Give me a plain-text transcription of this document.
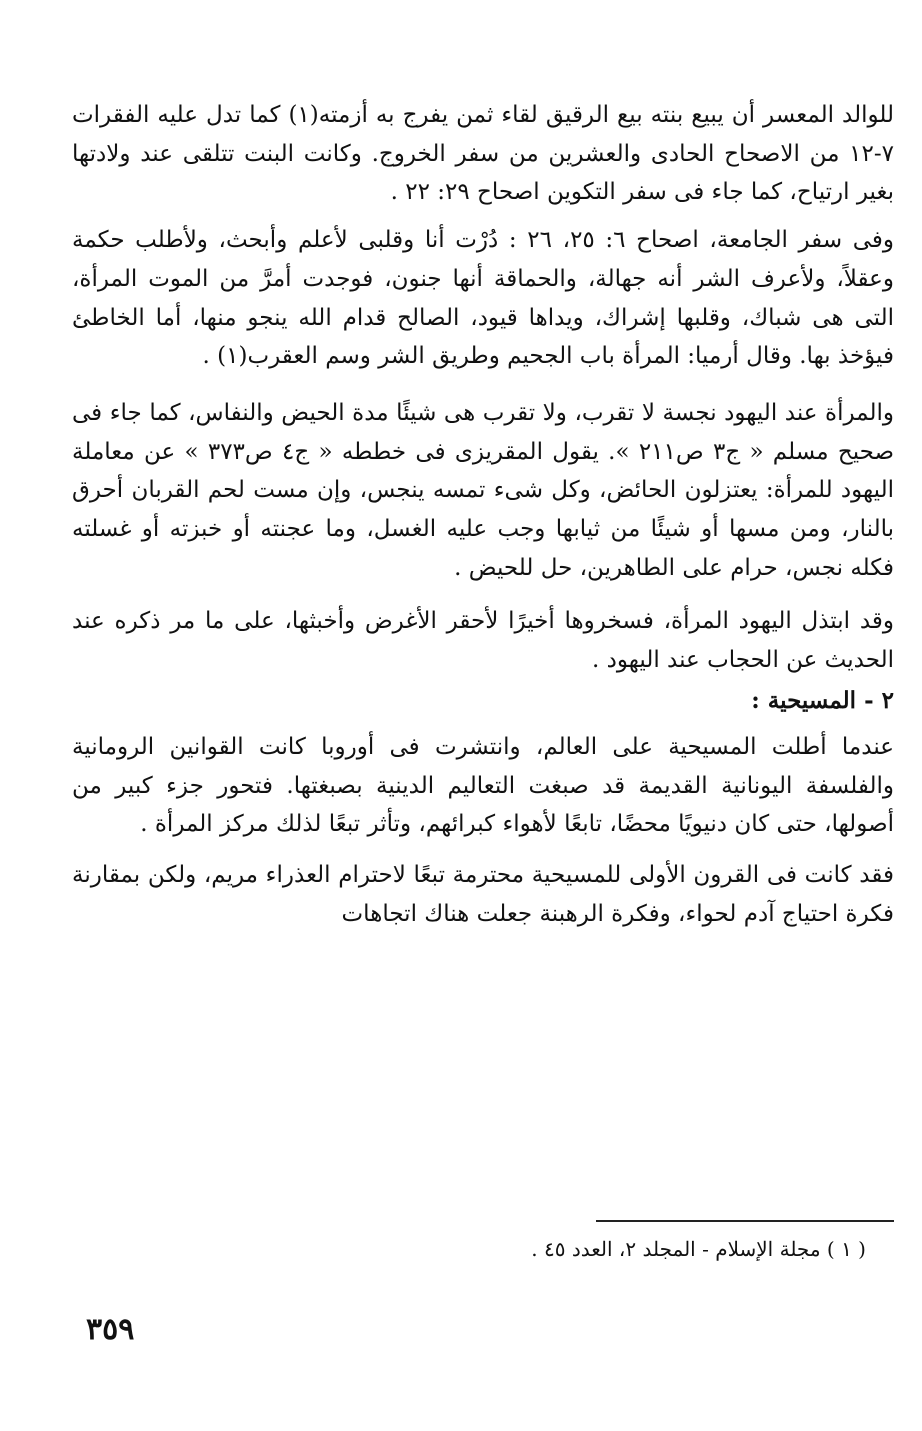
للوالد المعسر أن يبيع بنته بيع الرقيق لقاء ثمن يفرج به أزمته(١) كما تدل عليه الفقرات ٧-١٢ من الاصحاح الحادى والعشرين من سفر الخروج. وكانت البنت تتلقى عند ولادتها بغير ارتياح، كما جاء فى سفر التكوين اصحاح ٢٩: ٢٢ .

وفى سفر الجامعة، اصحاح ٦: ٢٥، ٢٦ : دُرْت أنا وقلبى لأعلم وأبحث، ولأطلب حكمة وعقلاً، ولأعرف الشر أنه جهالة، والحماقة أنها جنون، فوجدت أمرَّ من الموت المرأة، التى هى شباك، وقلبها إشراك، ويداها قيود، الصالح قدام الله ينجو منها، أما الخاطئ فيؤخذ بها. وقال أرميا: المرأة باب الجحيم وطريق الشر وسم العقرب(١) .

والمرأة عند اليهود نجسة لا تقرب، ولا تقرب هى شيئًا مدة الحيض والنفاس، كما جاء فى صحيح مسلم « ج٣ ص٢١١ ». يقول المقريزى فى خططه « ج٤ ص٣٧٣ » عن معاملة اليهود للمرأة: يعتزلون الحائض، وكل شىء تمسه ينجس، وإن مست لحم القربان أحرق بالنار، ومن مسها أو شيئًا من ثيابها وجب عليه الغسل، وما عجنته أو خبزته أو غسلته فكله نجس، حرام على الطاهرين، حل للحيض .

وقد ابتذل اليهود المرأة، فسخروها أخيرًا لأحقر الأغرض وأخبثها، على ما مر ذكره عند الحديث عن الحجاب عند اليهود .

٢ - المسيحية :

عندما أطلت المسيحية على العالم، وانتشرت فى أوروبا كانت القوانين الرومانية والفلسفة اليونانية القديمة قد صبغت التعاليم الدينية بصبغتها. فتحور جزء كبير من أصولها، حتى كان دنيويًا محضًا، تابعًا لأهواء كبرائهم، وتأثر تبعًا لذلك مركز المرأة .

فقد كانت فى القرون الأولى للمسيحية محترمة تبعًا لاحترام العذراء مريم، ولكن بمقارنة فكرة احتياج آدم لحواء، وفكرة الرهبنة جعلت هناك اتجاهات

( ١ ) مجلة الإسلام - المجلد ٢، العدد ٤٥ .
٣٥٩
